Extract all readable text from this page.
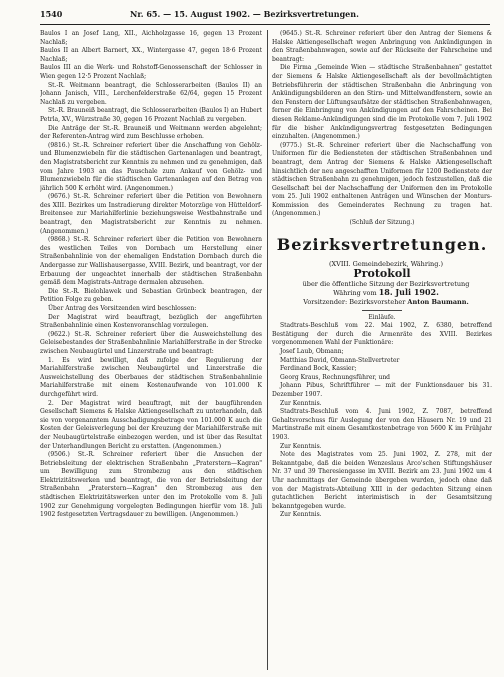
1540	Nr. 65. — 15. August 1902. — Bezirksvertretungen.

Baulos I an Josef Lang, XII., Aichholzgasse 16, gegen 13 Prozent Nachlaß;

Baulos II an Albert Barnert, XX., Wintergasse 47, gegen 18·6 Prozent Nachlaß;

Baulos III an die Werk- und Rohstoff-Genossenschaft der Schlosser in Wien gegen 12·5 Prozent Nachlaß;

St.-R. Weitmann beantragt, die Schlosserarbeiten (Baulos II) an Johann Janisch, VIII., Lerchenfelderstraße 62/64, gegen 15 Prozent Nachlaß zu vergeben.

St.-R. Brauneiß beantragt, die Schlosserarbeiten (Baulos I) an Hubert Petrla, XV., Würzstraße 30, gegen 16 Prozent Nachlaß zu vergeben.

Die Anträge der St.-R. Brauneiß und Weitmann werden abgelehnt; der Referenten-Antrag wird zum Beschlusse erhoben.

(9816.) St.-R. Schreiner referiert über die Anschaffung von Gehölz- und Blumenzwiebeln für die städtischen Gartenanlagen und beantragt, den Magistratsbericht zur Kenntnis zu nehmen und zu genehmigen, daß vom Jahre 1903 an das Pauschale zum Ankauf von Gehölz- und Blumenzwiebeln für die städtischen Gartenanlagen auf den Betrag von jährlich 500 K erhöht wird. (Angenommen.)

(9676.) St.-R. Schreiner referiert über die Petition von Bewohnern des XIII. Bezirkes um Instradierung direkter Motorzüge von Hütteldorf-Breitensee zur Mariahilferlinie beziehungsweise Westbahnstraße und beantragt, den Magistratsbericht zur Kenntnis zu nehmen. (Angenommen.)

(9868.) St.-R. Schreiner referiert über die Petition von Bewohnern des westlichen Teiles von Dornbach um Herstellung einer Straßenbahnlinie von der ehemaligen Endstation Dornbach durch die Andergasse zur Wallishausergasse, XVIII. Bezirk, und beantragt, vor der Erbauung der ungeachtet innerhalb der städtischen Straßenbahn gemäß dem Magistrats-Antrage dermalen abzusehen.

Die St.-R. Bielohlawek und Sebastian Grünbeck beantragen, der Petition Folge zu geben.

Über Antrag des Vorsitzenden wird beschlossen:

Der Magistrat wird beauftragt, bezüglich der angeführten Straßenbahnlinie einen Kostenvoranschlag vorzulegen.

(9622.) St.-R. Schreiner referiert über die Ausweichstellung des Geleisebestandes der Straßenbahnlinie Mariahilferstraße in der Strecke zwischen Neubaugürtel und Linzerstraße und beantragt:

1. Es wird bewilligt, daß zufolge der Regulierung der Mariahilferstraße zwischen Neubaugürtel und Linzerstraße die Ausweichstellung des Oberbaues der städtischen Straßenbahnlinie Mariahilferstraße mit einem Kostenaufwande von 101.000 K durchgeführt wird.

2. Der Magistrat wird beauftragt, mit der baugführenden Gesellschaft Siemens & Halske Aktiengesellschaft zu unterhandeln, daß sie von vorgenanntem Ausschadigungsbetrage von 101.000 K auch die Kosten der Geleisverlegung bei der Kreuzung der Mariahilferstraße mit der Neubaugürtelstraße einbezogen werden, und ist über das Resultat der Unterhandlungen Bericht zu erstatten. (Angenommen.)

(9506.) St.-R. Schreiner referiert über die Ansuchen der Betriebsleitung der elektrischen Straßenbahn „Praterstern—Kagran" um Bewilligung zum Strombezug aus den städtischen Elektrizitätswerken und beantragt, die von der Betriebsleitung der Straßenbahn „Praterstern—Kagran" den Strombezug aus den städtischen Elektrizitätswerken unter den im Protokolle vom 8. Juli 1902 zur Genehmigung vorgelegten Bedingungen hierfür vom 18. Juli 1902 festgesetzten Vertragsdauer zu bewilligen. (Angenommen.)

(9645.) St.-R. Schreiner referiert über den Antrag der Siemens & Halske Aktiengesellschaft wegen Anbringung von Ankündigungen in den Straßenbahnwagen, sowie auf der Rückseite der Fahrscheine und beantragt:

Die Firma „Gemeinde Wien — städtische Straßenbahnen" gestattet der Siemens & Halske Aktiengesellschaft als der bevollmächtigten Betriebsführerin der städtischen Straßenbahn die Anbringung von Ankündigungsbilderen an den Stirn- und Mittelwandfenstern, sowie an den Fenstern der Lüftungsaufsätze der städtischen Straßenbahnwagen, ferner die Einbringung von Ankündigungen auf den Fahrscheinen. Bei diesen Reklame-Ankündigungen sind die im Protokolle vom 7. Juli 1902 für die bisher Ankündigungsvertrag festgesetzten Bedingungen einzuhalten. (Angenommen.)

(9775.) St.-R. Schreiner referiert über die Nachschaffung von Uniformen für die Bediensteten der städtischen Straßenbahnen und beantragt, dem Antrag der Siemens & Halske Aktiengesellschaft hinsichtlich der neu angeschafften Uniformen für 1200 Bedienstete der städtischen Straßenbahn zu genehmigen, jedoch festzustellen, daß die Gesellschaft bei der Nachschaffung der Uniformen den im Protokolle vom 25. Juli 1902 enthaltenen Anträgen und Wünschen der Monturs-Kommission des Gemeinderates Rechnung zu tragen hat. (Angenommen.)

(Schluß der Sitzung.)

Bezirksvertretungen.

(XVIII. Gemeindebezirk, Währing.)

Protokoll

über die öffentliche Sitzung der Bezirksvertretung

Währing vom 18. Juli 1902.

Vorsitzender: Bezirksvorsteher Anton Baumann.

Einläufe.

Stadtrats-Beschluß vom 22. Mai 1902, Z. 6380, betreffend Bestätigung der durch die Armenräte des XVIII. Bezirkes vorgenommenen Wahl der Funktionäre:

Josef Laub, Obmann;

Matthias David, Obmann-Stellvertreter

Ferdinand Bock, Kassier;

Georg Kraus, Rechnungsführer, und

Johann Pibus, Schriftführer — mit der Funktionsdauer bis 31. Dezember 1907.

Zur Kenntnis.

Stadtrats-Beschluß vom 4. Juni 1902, Z. 7087, betreffend Gehaltsvorschuss für Auslegung der von den Häusern Nr. 19 und 21 Martinstraße mit einem Gesamtkostenbetrage von 5600 K im Frühjahr 1903.

Zur Kenntnis.

Note des Magistrates vom 25. Juni 1902, Z. 278, mit der Bekanntgabe, daß die beiden Wenzeslaus Arco'schen Stiftungshäuser Nr. 37 und 39 Theresiengasse im XVIII. Bezirk am 23. Juni 1902 um 4 Uhr nachmittags der Gemeinde übergeben wurden, jedoch ohne daß von der Magistrats-Abteilung XIII in der gedachten Sitzung einen gutachtlichen Bericht interimistisch in der Gesamtsitzung bekanntgegeben wurde.

Zur Kenntnis.
